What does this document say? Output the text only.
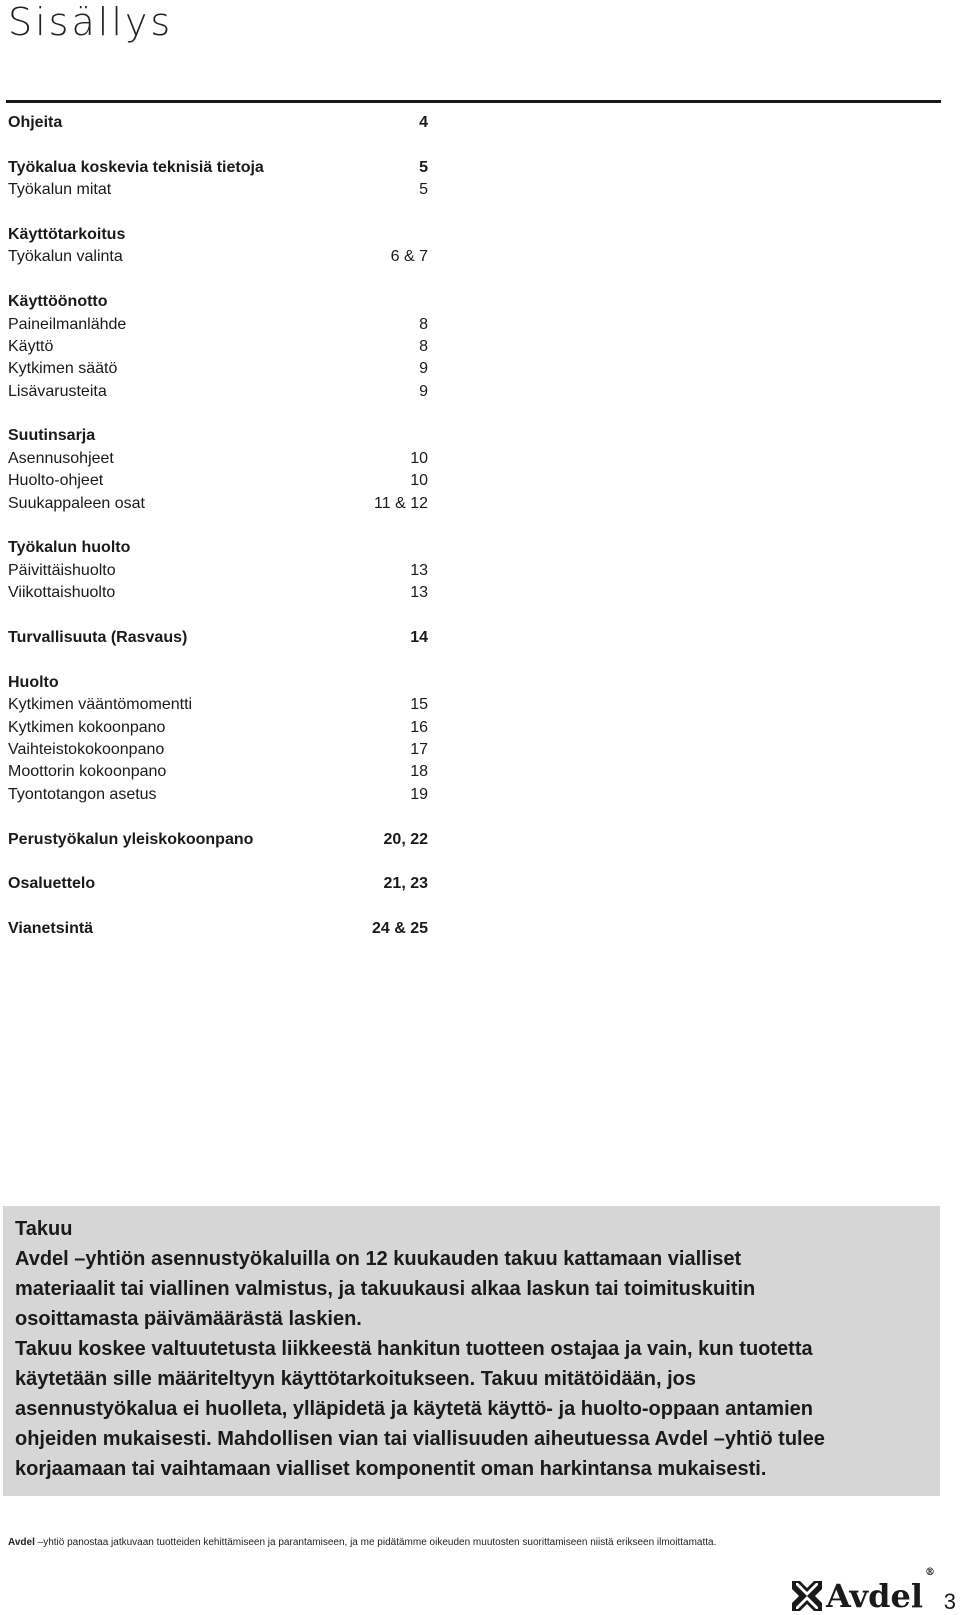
Sisällys
Ohjeita	4
Työkalua koskevia teknisiä tietoja	5
Työkalun mitat	5
Käyttötarkoitus
Työkalun valinta	6 & 7
Käyttöönotto
Paineilmanlähde	8
Käyttö	8
Kytkimen säätö	9
Lisävarusteita	9
Suutinsarja
Asennusohjeet	10
Huolto-ohjeet	10
Suukappaleen osat	11 & 12
Työkalun huolto
Päivittäishuolto	13
Viikottaishuolto	13
Turvallisuuta (Rasvaus)	14
Huolto
Kytkimen vääntömomentti	15
Kytkimen kokoonpano	16
Vaihteistokokoonpano	17
Moottorin kokoonpano	18
Tyontotangon asetus	19
Perustyökalun yleiskokoonpano	20, 22
Osaluettelo	21, 23
Vianetsintä	24 & 25

Takuu

Avdel –yhtiön asennustyökaluilla on 12 kuukauden takuu kattamaan vialliset

materiaalit tai viallinen valmistus, ja takuukausi alkaa laskun tai toimituskuitin

osoittamasta päivämäärästä laskien.

Takuu koskee valtuutetusta liikkeestä hankitun tuotteen ostajaa ja vain, kun tuotetta

käytetään sille määriteltyyn käyttötarkoitukseen. Takuu mitätöidään, jos

asennustyökalua ei huolleta, ylläpidetä ja käytetä käyttö- ja huolto-oppaan antamien

ohjeiden mukaisesti. Mahdollisen vian tai viallisuuden aiheutuessa Avdel –yhtiö tulee

korjaamaan tai vaihtamaan vialliset komponentit oman harkintansa mukaisesti.

Avdel –yhtiö panostaa jatkuvaan tuotteiden kehittämiseen ja parantamiseen, ja me pidätämme oikeuden muutosten suorittamiseen niistä erikseen ilmoittamatta.
Avdel®
3
